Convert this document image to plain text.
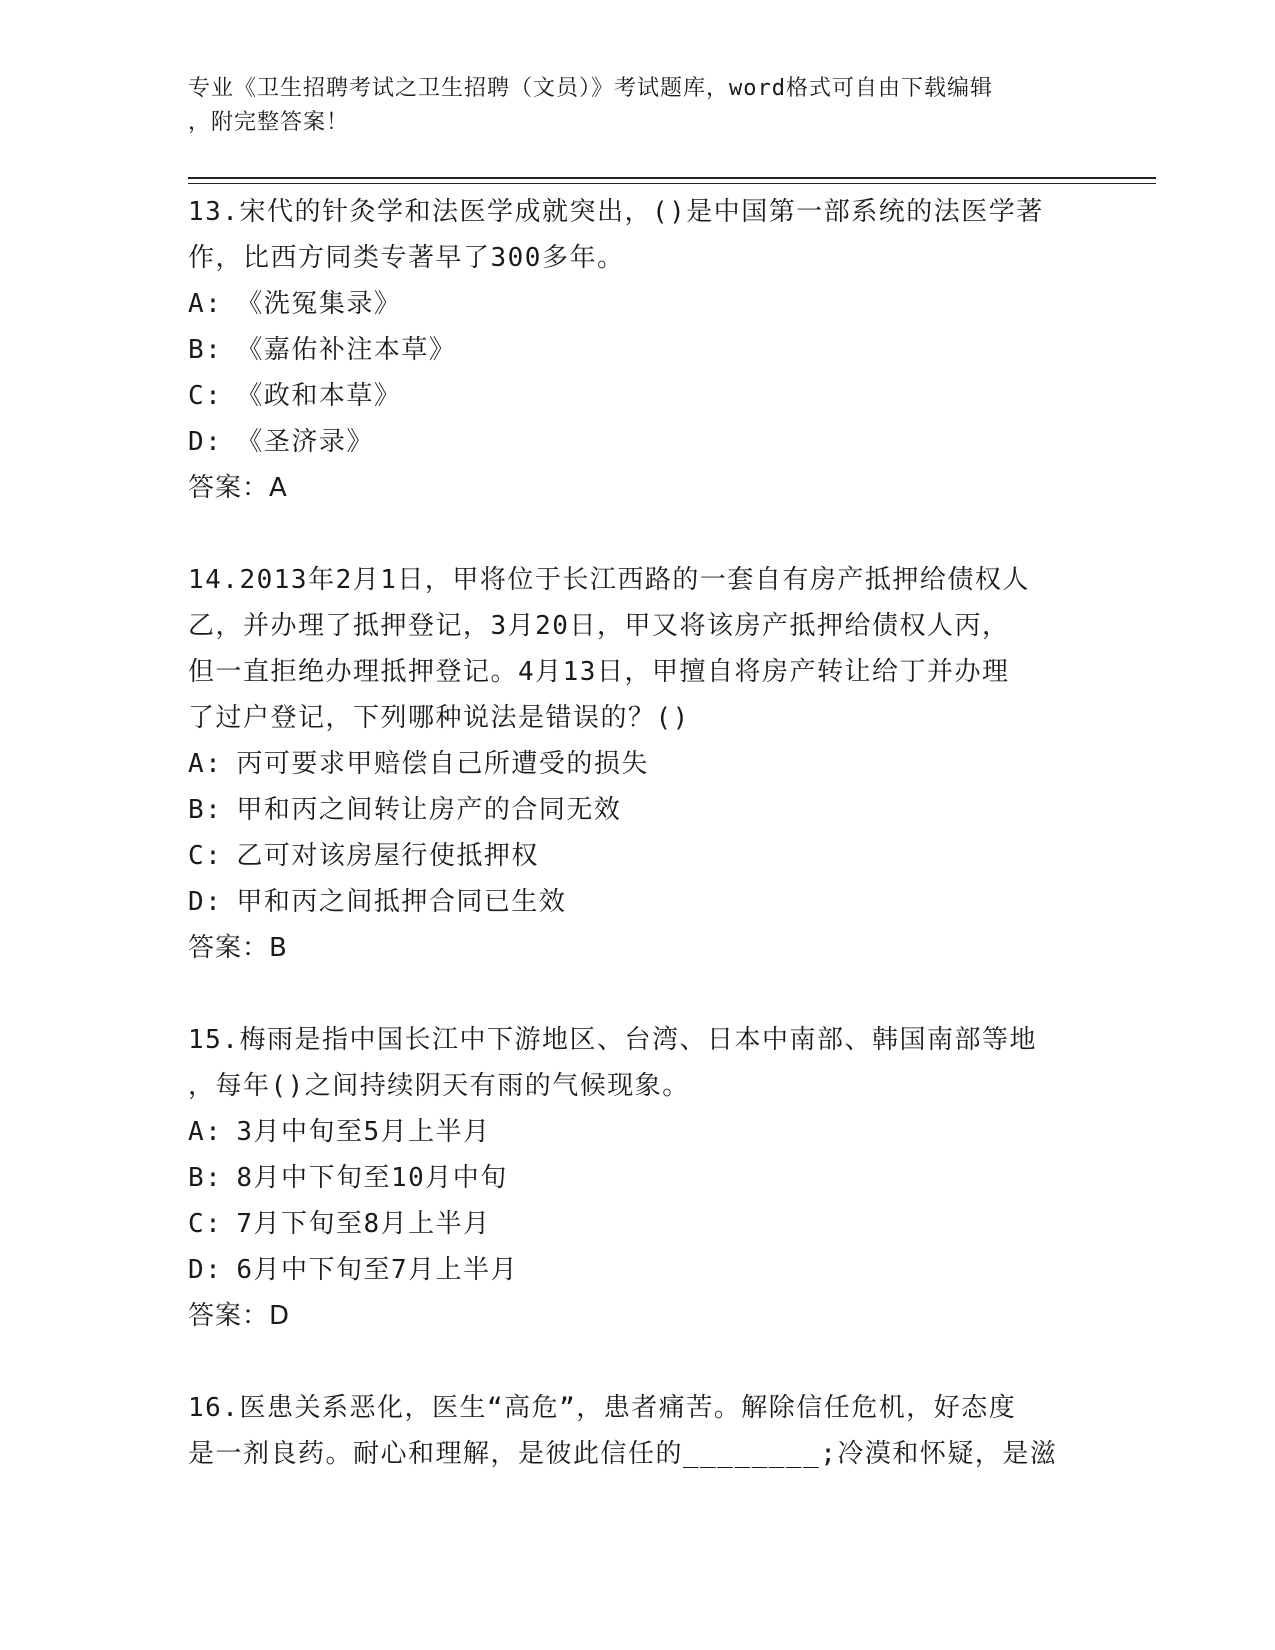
专业《卫生招聘考试之卫生招聘（文员）》考试题库，word格式可自由下载编辑
，附完整答案！
13.宋代的针灸学和法医学成就突出，()是中国第一部系统的法医学著
作，比西方同类专著早了300多年。
A: 《洗冤集录》
B: 《嘉佑补注本草》
C: 《政和本草》
D: 《圣济录》
答案：A
14.2013年2月1日，甲将位于长江西路的一套自有房产抵押给债权人
乙，并办理了抵押登记，3月20日，甲又将该房产抵押给债权人丙，
但一直拒绝办理抵押登记。4月13日，甲擅自将房产转让给丁并办理
了过户登记，下列哪种说法是错误的？()
A: 丙可要求甲赔偿自己所遭受的损失
B: 甲和丙之间转让房产的合同无效
C: 乙可对该房屋行使抵押权
D: 甲和丙之间抵押合同已生效
答案：B
15.梅雨是指中国长江中下游地区、台湾、日本中南部、韩国南部等地
，每年()之间持续阴天有雨的气候现象。
A: 3月中旬至5月上半月
B: 8月中下旬至10月中旬
C: 7月下旬至8月上半月
D: 6月中下旬至7月上半月
答案：D
16.医患关系恶化，医生“高危”，患者痛苦。解除信任危机，好态度
是一剂良药。耐心和理解，是彼此信任的________;冷漠和怀疑，是滋
